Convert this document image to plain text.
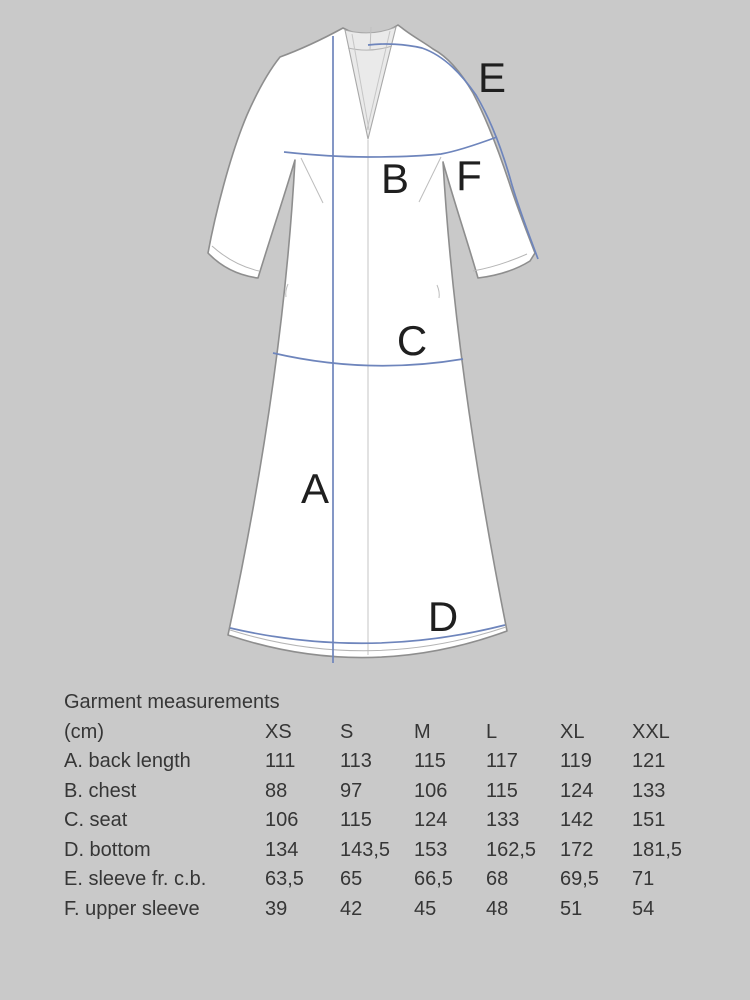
A
B
C
D
E
F
Garment measurements
(cm)	XS	S	M	L	XL	XXL
A. back length	111	113	115	117	119	121
B. chest	88	97	106	115	124	133
C. seat	106	115	124	133	142	151
D. bottom	134	143,5	153	162,5	172	181,5
E. sleeve fr. c.b.	63,5	65	66,5	68	69,5	71
F. upper sleeve	39	42	45	48	51	54
